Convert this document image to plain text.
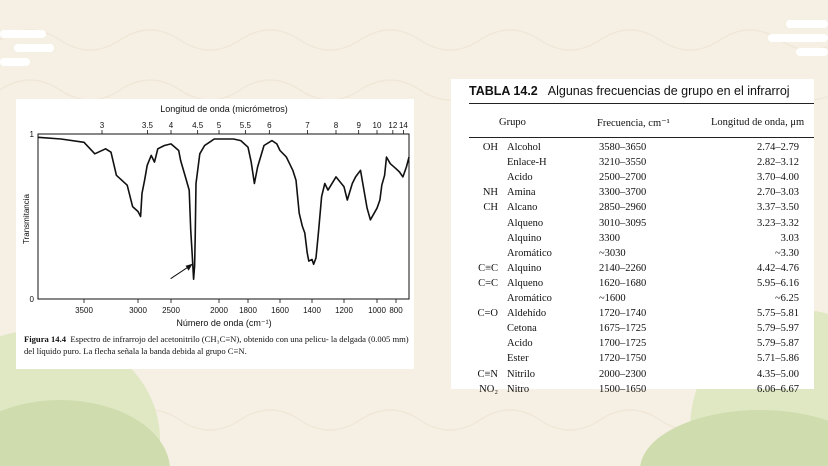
Longitud de onda (micrómetros)
Transmitancia
Número de onda (cm⁻¹)
1
0
3500	3000 2500	2000 1800 1600 1400 1200 1000 800
3	3.5 4 4.5 5 5.5 6	7	8 9 10 12 14
Figura 14.4 Espectro de infrarrojo del acetonitrilo (CH₃C≡N), obtenido con una pelicu- la delgada (0.005 mm) del líquido puro. La flecha señala la banda debida al grupo C≡N.
TABLA 14.2 Algunas frecuencias de grupo en el infrarroj
Grupo	Frecuencia, cm⁻¹	Longitud de onda, μm
OH Alcohol	3580–3650	2.74–2.79
Enlace-H	3210–3550	2.82–3.12
Acido	2500–2700	3.70–4.00
NH Amina	3300–3700	2.70–3.03
CH Alcano	2850–2960	3.37–3.50
Alqueno	3010–3095	3.23–3.32
Alquino	3300	3.03
Aromático	~3030	~3.30
C≡C Alquino	2140–2260	4.42–4.76
C=C Alqueno	1620–1680	5.95–6.16
Aromático	~1600	~6.25
C=O Aldehído	1720–1740	5.75–5.81
Cetona	1675–1725	5.79–5.97
Acido	1700–1725	5.79–5.87
Ester	1720–1750	5.71–5.86
C≡N Nitrilo	2000–2300	4.35–5.00
NO₂ Nitro	1500–1650	6.06–6.67
